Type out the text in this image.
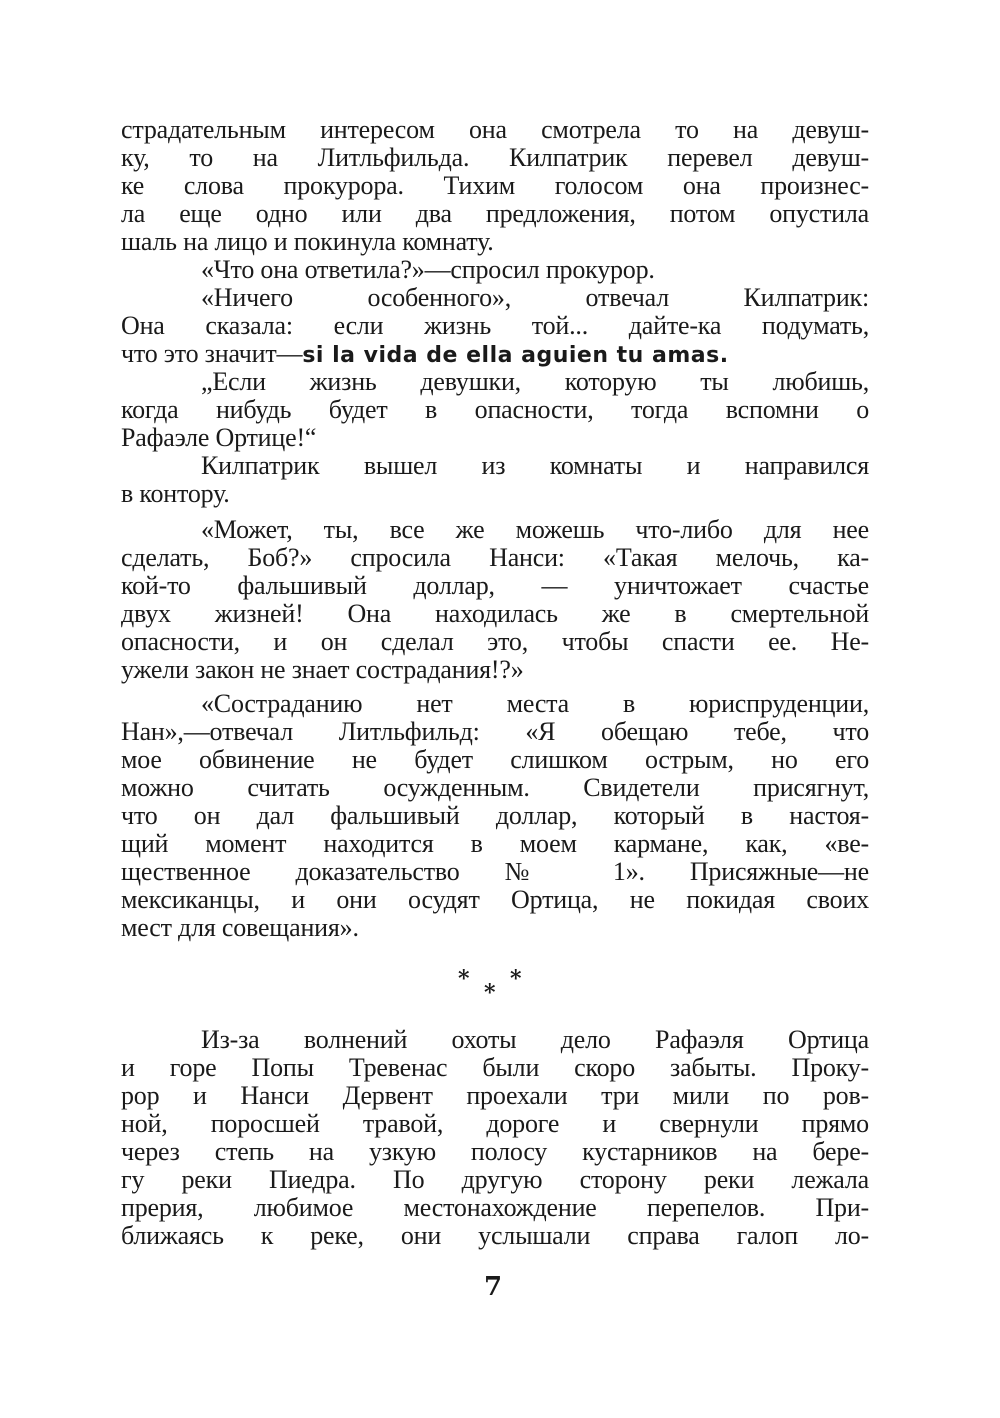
страдательным интересом она смотрела то на девуш-
ку, то на Литльфильда. Килпатрик перевел девуш-
ке слова прокурора. Тихим голосом она произнес-
ла еще одно или два предложения, потом опустила
шаль на лицо и покинула комнату.
«Что она ответила?»—спросил прокурор.
«Ничего особенного», отвечал Килпатрик:
Она сказала: если жизнь той... дайте-ка подумать,
что это значит—si la vida de ella aguien tu amas.
„Если жизнь девушки, которую ты любишь,
когда нибудь будет в опасности, тогда вспомни о
Рафаэле Ортице!“
Килпатрик вышел из комнаты и направился
в контору.
«Может, ты, все же можешь что-либо для нее
сделать, Боб?» спросила Нанси: «Такая мелочь, ка-
кой-то фальшивый доллар, — уничтожает счастье
двух жизней! Она находилась же в смертельной
опасности, и он сделал это, чтобы спасти ее. Не-
ужели закон не знает сострадания!?»
«Состраданию нет места в юриспруденции,
Нан»,—отвечал Литльфильд: «Я обещаю тебе, что
мое обвинение не будет слишком острым, но его
можно считать осужденным. Свидетели присягнут,
что он дал фальшивый доллар, который в настоя-
щий момент находится в моем кармане, как, «ве-
щественное доказательство № 1». Присяжные—не
мексиканцы, и они осудят Ортица, не покидая своих
мест для совещания».
*
*
*
Из-за волнений охоты дело Рафаэля Ортица
и горе Попы Тревенас были скоро забыты. Проку-
рор и Нанси Дервент проехали три мили по ров-
ной, поросшей травой, дороге и свернули прямо
через степь на узкую полосу кустарников на бере-
гу реки Пиедра. По другую сторону реки лежала
прерия, любимое местонахождение перепелов. При-
ближаясь к реке, они услышали справа галоп ло-
7
